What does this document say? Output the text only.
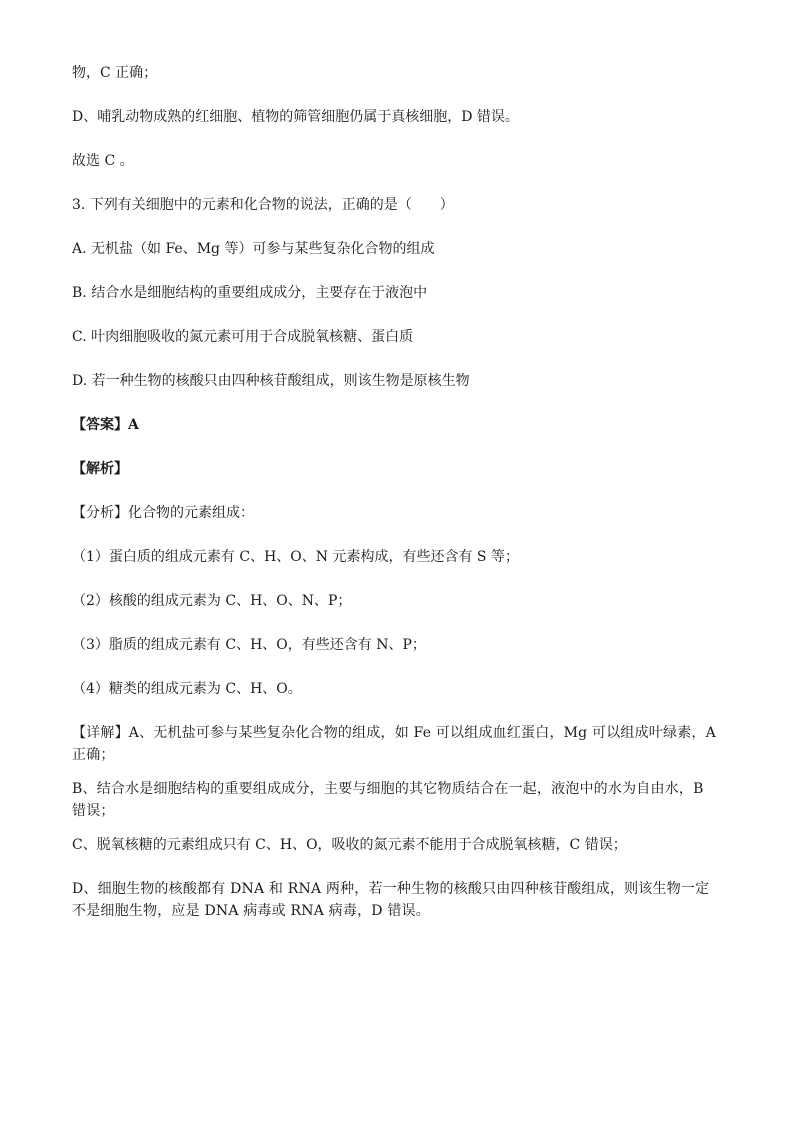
物，C 正确；

D、哺乳动物成熟的红细胞、植物的筛管细胞仍属于真核细胞，D 错误。

故选 C 。

3. 下列有关细胞中的元素和化合物的说法，正确的是（　　）

A. 无机盐（如 Fe、Mg 等）可参与某些复杂化合物的组成

B. 结合水是细胞结构的重要组成成分，主要存在于液泡中

C. 叶肉细胞吸收的氮元素可用于合成脱氧核糖、蛋白质

D. 若一种生物的核酸只由四种核苷酸组成，则该生物是原核生物

【答案】A

【解析】

【分析】化合物的元素组成：

（1）蛋白质的组成元素有 C、H、O、N 元素构成，有些还含有 S 等；

（2）核酸的组成元素为 C、H、O、N、P；

（3）脂质的组成元素有 C、H、O，有些还含有 N、P；

（4）糖类的组成元素为 C、H、O。

【详解】A、无机盐可参与某些复杂化合物的组成，如 Fe 可以组成血红蛋白，Mg 可以组成叶绿素，A 正确；

B、结合水是细胞结构的重要组成成分，主要与细胞的其它物质结合在一起，液泡中的水为自由水，B 错误；

C、脱氧核糖的元素组成只有 C、H、O，吸收的氮元素不能用于合成脱氧核糖，C 错误；

D、细胞生物的核酸都有 DNA 和 RNA 两种，若一种生物的核酸只由四种核苷酸组成，则该生物一定不是细胞生物，应是 DNA 病毒或 RNA 病毒，D 错误。
